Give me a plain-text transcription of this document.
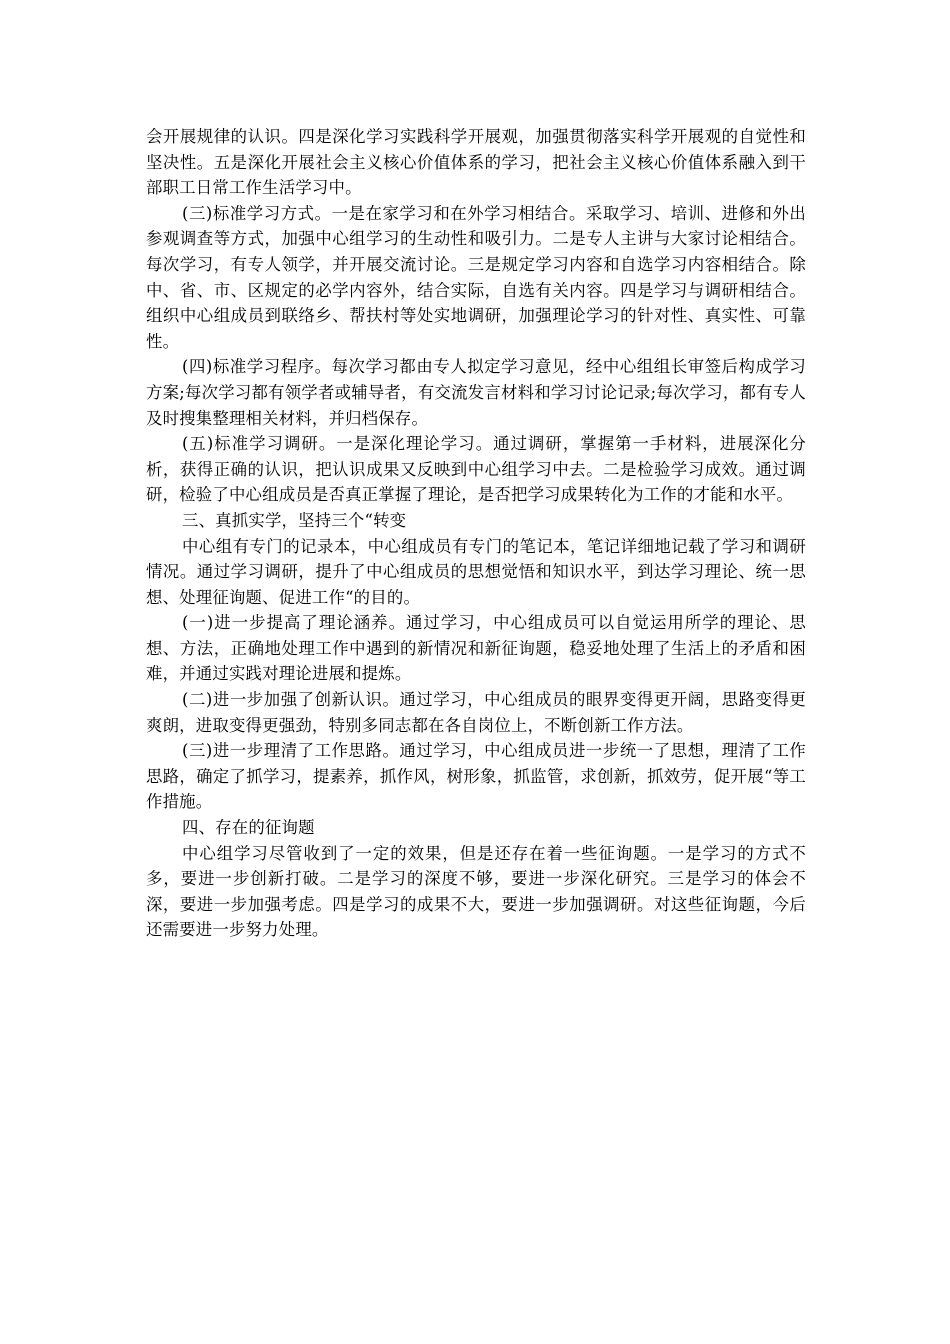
会开展规律的认识。四是深化学习实践科学开展观，加强贯彻落实科学开展观的自觉性和坚决性。五是深化开展社会主义核心价值体系的学习，把社会主义核心价值体系融入到干部职工日常工作生活学习中。

(三)标准学习方式。一是在家学习和在外学习相结合。采取学习、培训、进修和外出参观调查等方式，加强中心组学习的生动性和吸引力。二是专人主讲与大家讨论相结合。每次学习，有专人领学，并开展交流讨论。三是规定学习内容和自选学习内容相结合。除中、省、市、区规定的必学内容外，结合实际，自选有关内容。四是学习与调研相结合。组织中心组成员到联络乡、帮扶村等处实地调研，加强理论学习的针对性、真实性、可靠性。

(四)标准学习程序。每次学习都由专人拟定学习意见，经中心组组长审签后构成学习方案;每次学习都有领学者或辅导者，有交流发言材料和学习讨论记录;每次学习，都有专人及时搜集整理相关材料，并归档保存。

(五)标准学习调研。一是深化理论学习。通过调研，掌握第一手材料，进展深化分析，获得正确的认识，把认识成果又反映到中心组学习中去。二是检验学习成效。通过调研，检验了中心组成员是否真正掌握了理论，是否把学习成果转化为工作的才能和水平。

三、真抓实学，坚持三个“转变

中心组有专门的记录本，中心组成员有专门的笔记本，笔记详细地记载了学习和调研情况。通过学习调研，提升了中心组成员的思想觉悟和知识水平，到达学习理论、统一思想、处理征询题、促进工作“的目的。

(一)进一步提高了理论涵养。通过学习，中心组成员可以自觉运用所学的理论、思想、方法，正确地处理工作中遇到的新情况和新征询题，稳妥地处理了生活上的矛盾和困难，并通过实践对理论进展和提炼。

(二)进一步加强了创新认识。通过学习，中心组成员的眼界变得更开阔，思路变得更爽朗，进取变得更强劲，特别多同志都在各自岗位上，不断创新工作方法。

(三)进一步理清了工作思路。通过学习，中心组成员进一步统一了思想，理清了工作思路，确定了抓学习，提素养，抓作风，树形象，抓监管，求创新，抓效劳，促开展“等工作措施。

四、存在的征询题

中心组学习尽管收到了一定的效果，但是还存在着一些征询题。一是学习的方式不多，要进一步创新打破。二是学习的深度不够，要进一步深化研究。三是学习的体会不深，要进一步加强考虑。四是学习的成果不大，要进一步加强调研。对这些征询题，今后还需要进一步努力处理。
